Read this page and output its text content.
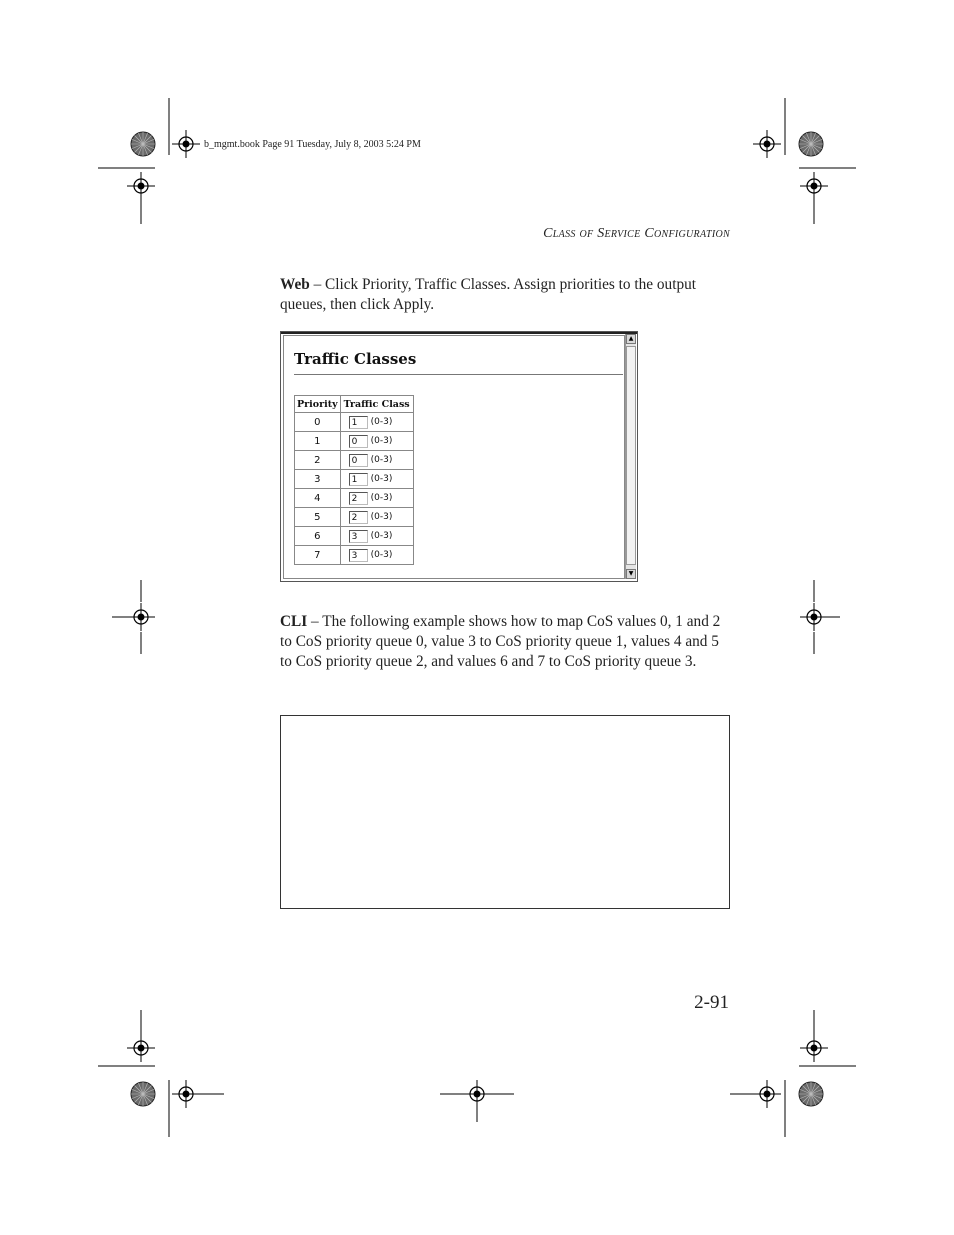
b_mgmt.book Page 91 Tuesday, July 8, 2003 5:24 PM
Class of Service Configuration
Web – Click Priority, Traffic Classes. Assign priorities to the output queues, then click Apply.
Traffic Classes
Priority	Traffic Class
0	1 (0-3)
1	0 (0-3)
2	0 (0-3)
3	1 (0-3)
4	2 (0-3)
5	2 (0-3)
6	3 (0-3)
7	3 (0-3)
▲
▼
CLI – The following example shows how to map CoS values 0, 1 and 2 to CoS priority queue 0, value 3 to CoS priority queue 1, values 4 and 5 to CoS priority queue 2, and values 6 and 7 to CoS priority queue 3.
2-91
